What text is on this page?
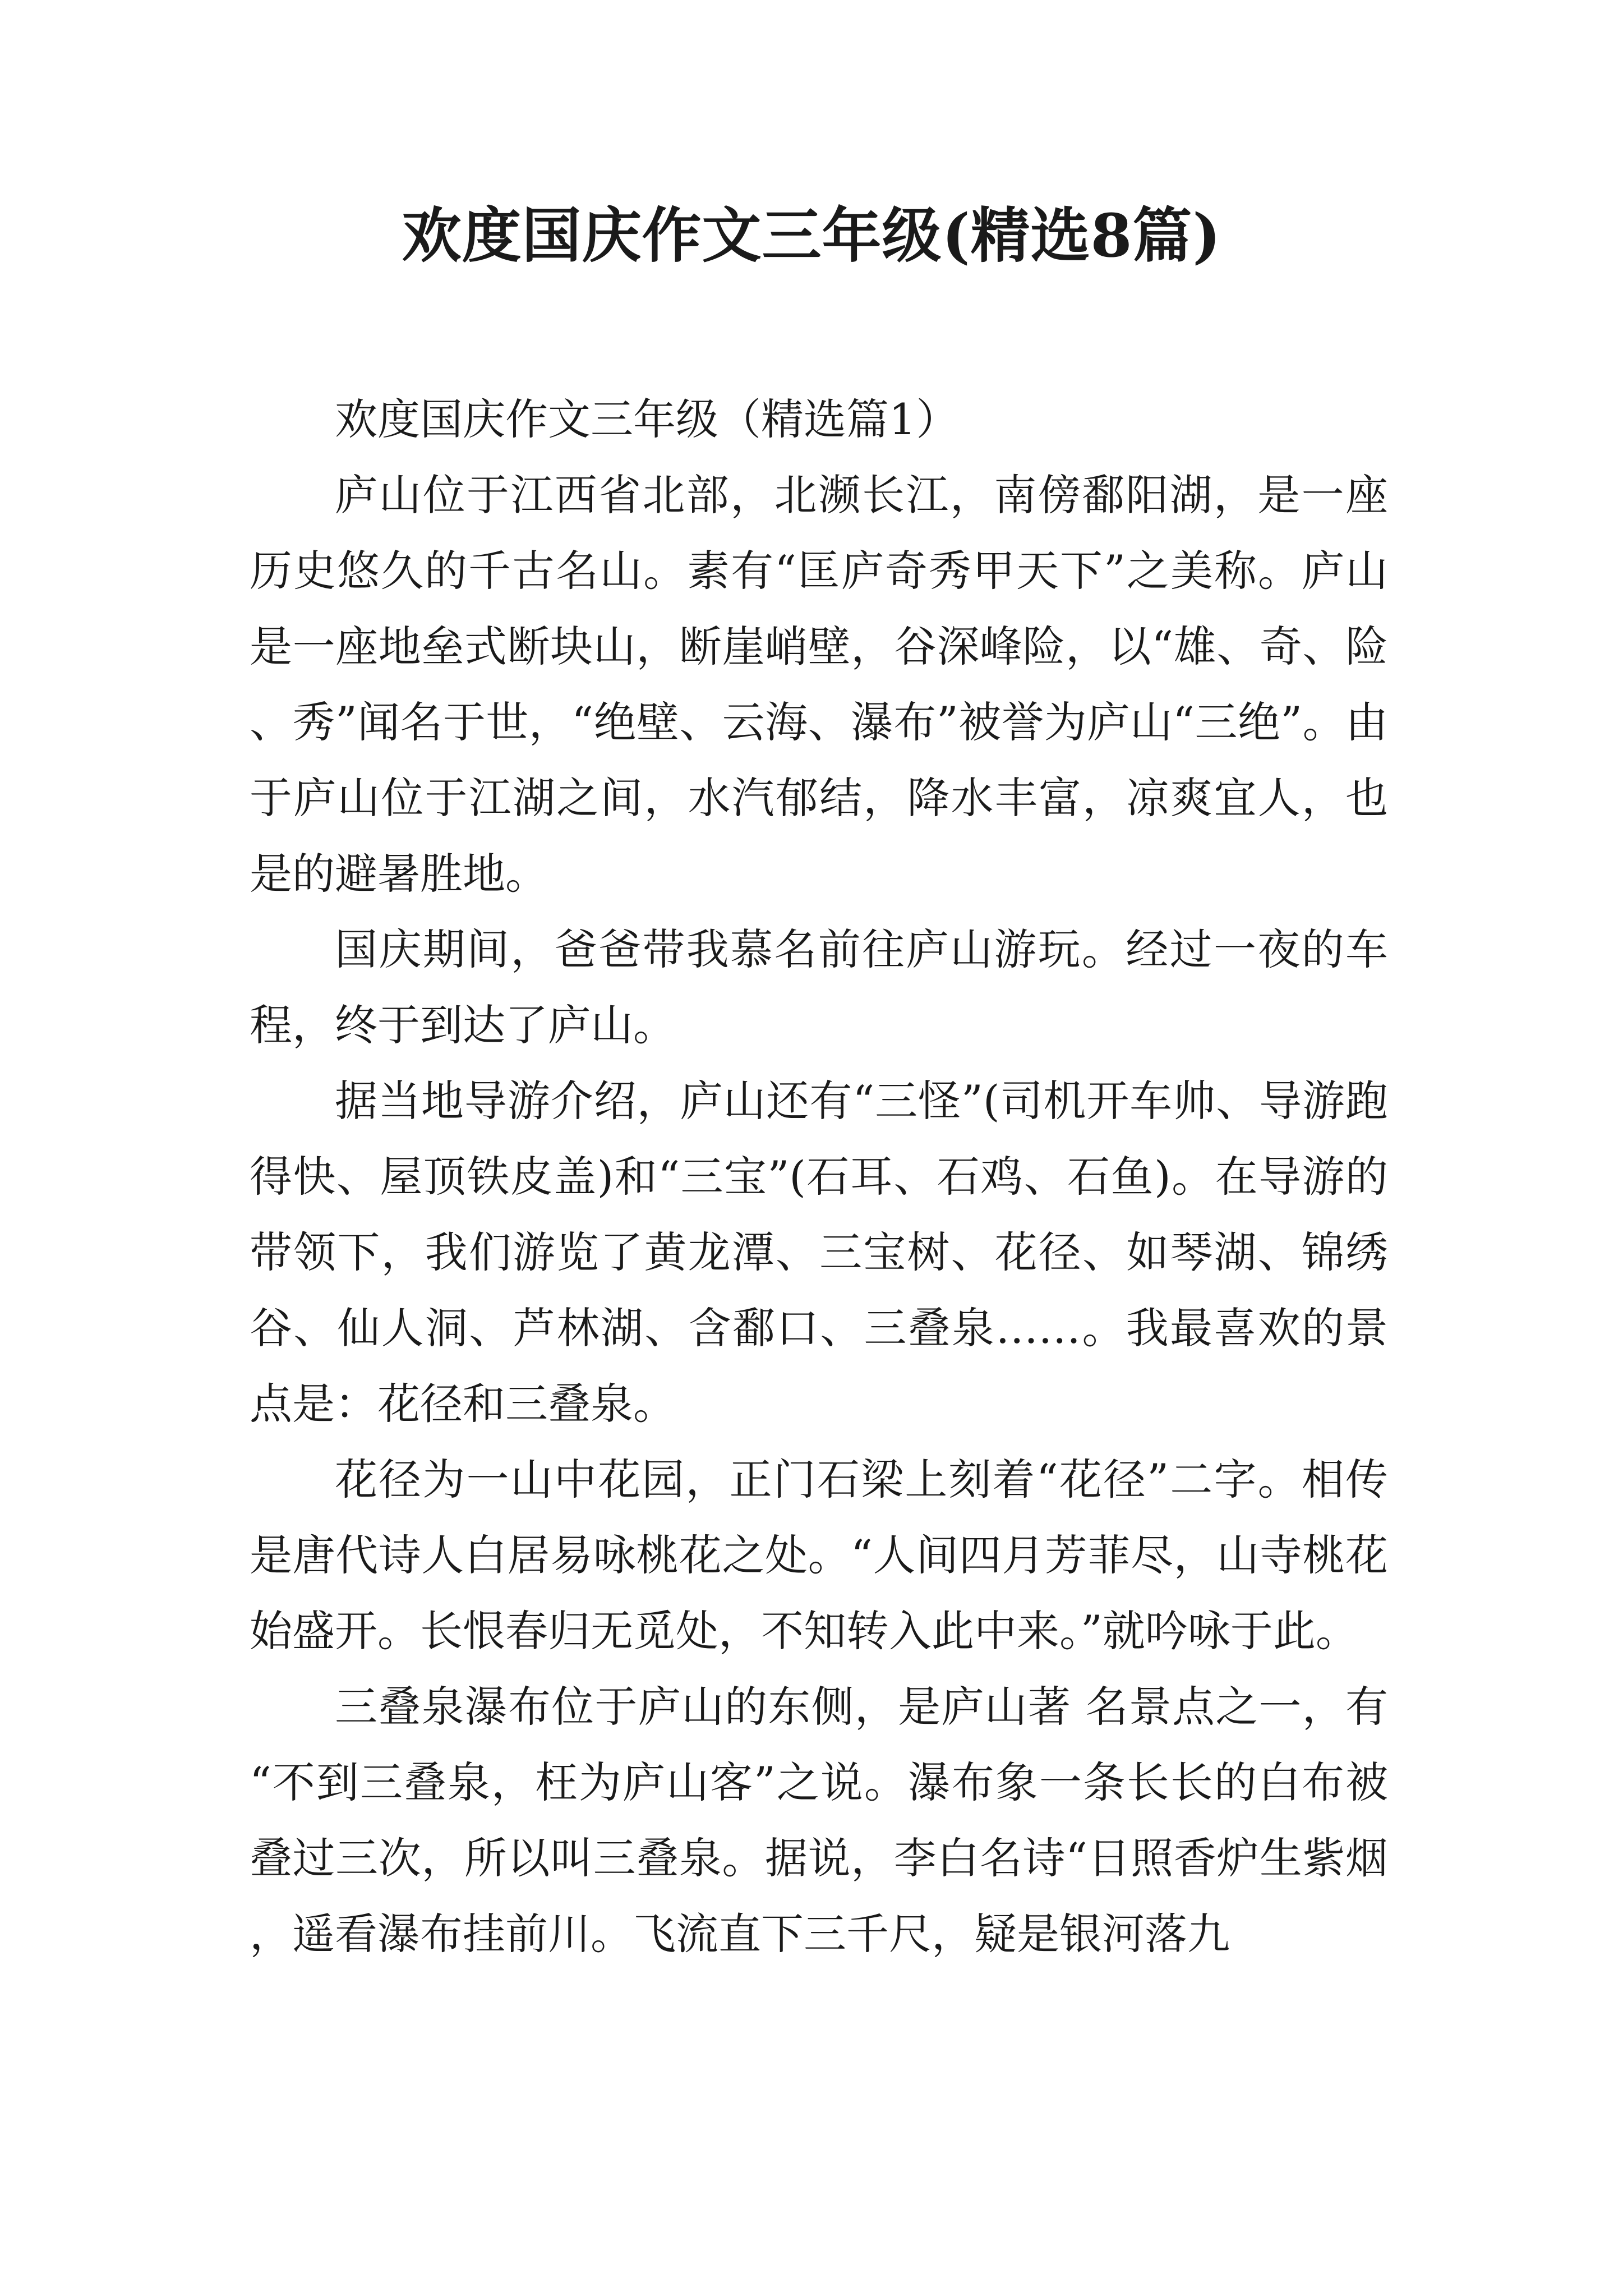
欢度国庆作文三年级(精选8篇)

欢度国庆作文三年级（精选篇1）

庐山位于江西省北部，北濒长江，南傍鄱阳湖，是一座历史悠久的千古名山。素有“匡庐奇秀甲天下”之美称。庐山是一座地垒式断块山，断崖峭壁，谷深峰险，以“雄、奇、险、秀”闻名于世，“绝壁、云海、瀑布”被誉为庐山“三绝”。由于庐山位于江湖之间，水汽郁结，降水丰富，凉爽宜人，也是的避暑胜地。

国庆期间，爸爸带我慕名前往庐山游玩。经过一夜的车程，终于到达了庐山。

据当地导游介绍，庐山还有“三怪”(司机开车帅、导游跑得快、屋顶铁皮盖)和“三宝”(石耳、石鸡、石鱼)。在导游的带领下，我们游览了黄龙潭、三宝树、花径、如琴湖、锦绣谷、仙人洞、芦林湖、含鄱口、三叠泉……。我最喜欢的景点是：花径和三叠泉。

花径为一山中花园，正门石梁上刻着“花径”二字。相传是唐代诗人白居易咏桃花之处。“人间四月芳菲尽，山寺桃花始盛开。长恨春归无觅处，不知转入此中来。”就吟咏于此。

三叠泉瀑布位于庐山的东侧，是庐山著 名景点之一，有“不到三叠泉，枉为庐山客”之说。瀑布象一条长长的白布被叠过三次，所以叫三叠泉。据说，李白名诗“日照香炉生紫烟，遥看瀑布挂前川。飞流直下三千尺，疑是银河落九
